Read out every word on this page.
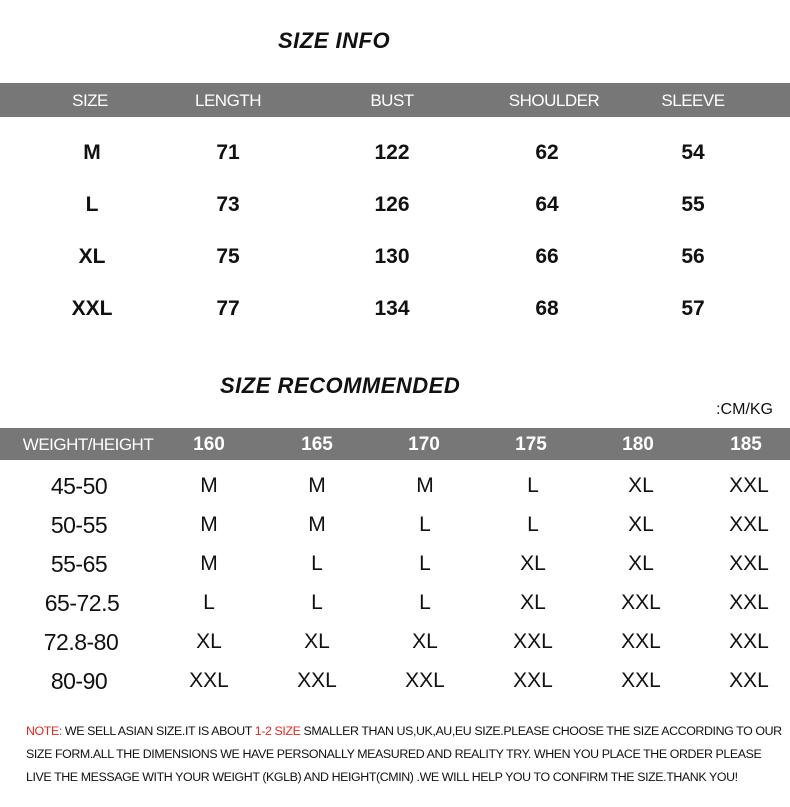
SIZE INFO
SIZE	LENGTH	BUST	SHOULDER	SLEEVE
M	71	122	62	54
L	73	126	64	55
XL	75	130	66	56
XXL	77	134	68	57
SIZE RECOMMENDED
:CM/KG
WEIGHT/HEIGHT 160	165	170	175	180	185
45-50	M	M	M	L	XL	XXL
50-55	M	M	L	L	XL	XXL
55-65	M	L	L	XL	XL	XXL
65-72.5	L	L	L	XL	XXL	XXL
72.8-80	XL	XL	XL	XXL	XXL	XXL
80-90	XXL	XXL	XXL	XXL	XXL	XXL
NOTE: WE SELL ASIAN SIZE.IT IS ABOUT 1-2 SIZE SMALLER THAN US,UK,AU,EU SIZE.PLEASE CHOOSE THE SIZE ACCORDING TO OUR SIZE FORM.ALL THE DIMENSIONS WE HAVE PERSONALLY MEASURED AND REALITY TRY. WHEN YOU PLACE THE ORDER PLEASE LIVE THE MESSAGE WITH YOUR WEIGHT (KGLB) AND HEIGHT(CMIN) .WE WILL HELP YOU TO CONFIRM THE SIZE.THANK YOU!
